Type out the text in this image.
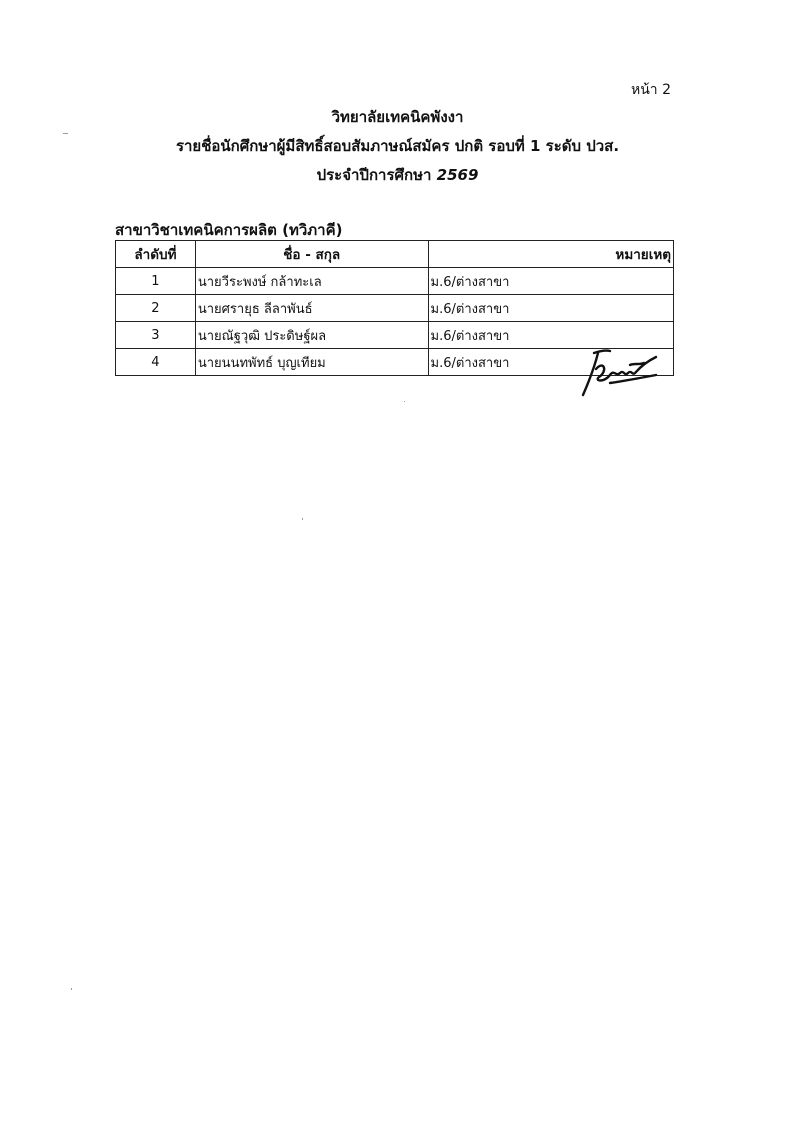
หน้า 2
วิทยาลัยเทคนิคพังงา
รายชื่อนักศึกษาผู้มีสิทธิ์สอบสัมภาษณ์สมัคร ปกติ รอบที่ 1 ระดับ ปวส.
ประจำปีการศึกษา 2569
สาขาวิชาเทคนิคการผลิต (ทวิภาคี)
ลำดับที่	ชื่อ - สกุล	หมายเหตุ
1	นายวีระพงษ์ กล้าทะเล	ม.6/ต่างสาขา
2	นายศรายุธ ลีลาพันธ์	ม.6/ต่างสาขา
3	นายณัฐวุฒิ ประดิษฐ์ผล	ม.6/ต่างสาขา
4	นายนนทพัทธ์ บุญเทียม	ม.6/ต่างสาขา
